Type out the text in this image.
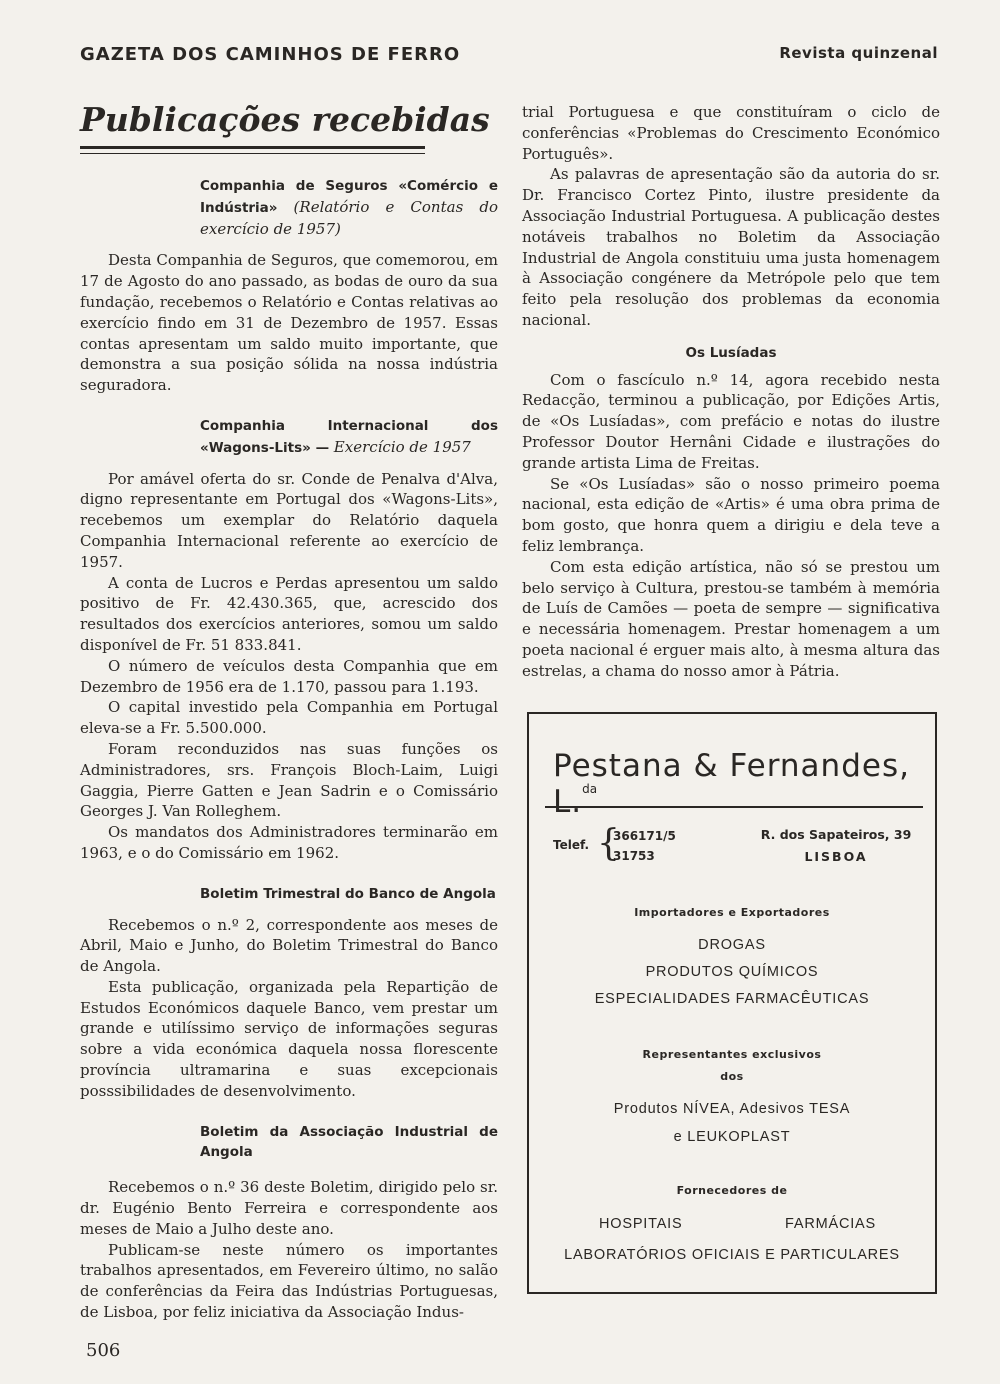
GAZETA DOS CAMINHOS DE FERRO	Revista quinzenal
Publicações recebidas
Companhia de Seguros «Comércio e Indústria» (Relatório e Contas do exercício de 1957)

Desta Companhia de Seguros, que comemorou, em 17 de Agosto do ano passado, as bodas de ouro da sua fundação, recebemos o Relatório e Contas relativas ao exercício findo em 31 de Dezembro de 1957. Essas contas apresentam um saldo muito importante, que demonstra a sua posição sólida na nossa indústria seguradora.

Companhia Internacional dos «Wagons-Lits» — Exercício de 1957

Por amável oferta do sr. Conde de Penalva d'Alva, digno representante em Portugal dos «Wagons-Lits», recebemos um exemplar do Relatório daquela Companhia Internacional referente ao exercício de 1957.

A conta de Lucros e Perdas apresentou um saldo positivo de Fr. 42.430.365, que, acrescido dos resultados dos exercícios anteriores, somou um saldo disponível de Fr. 51 833.841.

O número de veículos desta Companhia que em Dezembro de 1956 era de 1.170, passou para 1.193.

O capital investido pela Companhia em Portugal eleva-se a Fr. 5.500.000.

Foram reconduzidos nas suas funções os Administradores, srs. François Bloch-Laim, Luigi Gaggia, Pierre Gatten e Jean Sadrin e o Comissário Georges J. Van Rolleghem.

Os mandatos dos Administradores terminarão em 1963, e o do Comissário em 1962.

Boletim Trimestral do Banco de Angola

Recebemos o n.º 2, correspondente aos meses de Abril, Maio e Junho, do Boletim Trimestral do Banco de Angola.

Esta publicação, organizada pela Repartição de Estudos Económicos daquele Banco, vem prestar um grande e utilíssimo serviço de informações seguras sobre a vida económica daquela nossa florescente província ultramarina e suas excepcionais posssibilidades de desenvolvimento.

Boletim da Associação Industrial de Angola

Recebemos o n.º 36 deste Boletim, dirigido pelo sr. dr. Eugénio Bento Ferreira e correspondente aos meses de Maio a Julho deste ano.

Publicam-se neste número os importantes trabalhos apresentados, em Fevereiro último, no salão de conferências da Feira das Indústrias Portuguesas, de Lisboa, por feliz iniciativa da Associação Indus-

trial Portuguesa e que constituíram o ciclo de conferências «Problemas do Crescimento Económico Português».

As palavras de apresentação são da autoria do sr. Dr. Francisco Cortez Pinto, ilustre presidente da Associação Industrial Portuguesa. A publicação destes notáveis trabalhos no Boletim da Associação Industrial de Angola constituiu uma justa homenagem à Associação congénere da Metrópole pelo que tem feito pela resolução dos problemas da economia nacional.

Os Lusíadas

Com o fascículo n.º 14, agora recebido nesta Redacção, terminou a publicação, por Edições Artis, de «Os Lusíadas», com prefácio e notas do ilustre Professor Doutor Hernâni Cidade e ilustrações do grande artista Lima de Freitas.

Se «Os Lusíadas» são o nosso primeiro poema nacional, esta edição de «Artis» é uma obra prima de bom gosto, que honra quem a dirigiu e dela teve a feliz lembrança.

Com esta edição artística, não só se prestou um belo serviço à Cultura, prestou-se também à memória de Luís de Camões — poeta de sempre — significativa e necessária homenagem. Prestar homenagem a um poeta nacional é erguer mais alto, à mesma altura das estrelas, a chama do nosso amor à Pátria.

Pestana & Fernandes, L.$^{da}$
Telef. {
366171/5
31753
R. dos Sapateiros, 39
LISBOA
Importadores e Exportadores
DROGAS
PRODUTOS QUÍMICOS
ESPECIALIDADES FARMACÊUTICAS
Representantes exclusivos
dos
Produtos NÍVEA, Adesivos TESA
e LEUKOPLAST
Fornecedores de
HOSPITAIS	FARMÁCIAS
LABORATÓRIOS OFICIAIS E PARTICULARES
506
